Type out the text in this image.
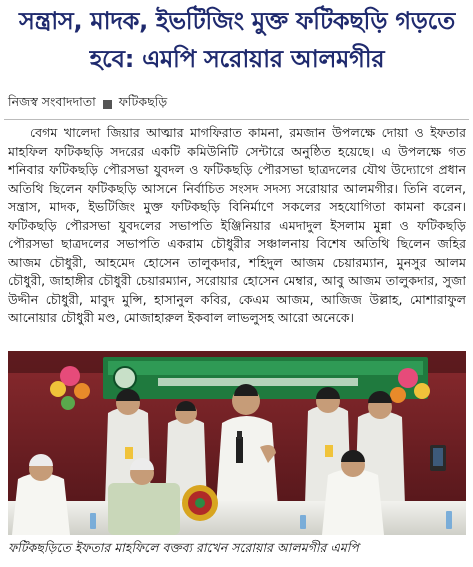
সন্ত্রাস, মাদক, ইভটিজিং মুক্ত ফটিকছড়ি গড়তে হবে: এমপি সরোয়ার আলমগীর
নিজস্ব সংবাদদাতা ফটিকছড়ি

বেগম খালেদা জিয়ার আত্মার মাগফিরাত কামনা, রমজান উপলক্ষে দোয়া ও ইফতার মাহফিল ফটিকছড়ি সদরের একটি কমিউনিটি সেন্টারে অনুষ্ঠিত হয়েছে। এ উপলক্ষে গত শনিবার ফটিকছড়ি পৌরসভা যুবদল ও ফটিকছড়ি পৌরসভা ছাত্রদলের যৌথ উদ্যোগে প্রধান অতিথি ছিলেন ফটিকছড়ি আসনে নির্বাচিত সংসদ সদস্য সরোয়ার আলমগীর। তিনি বলেন, সন্ত্রাস, মাদক, ইভটিজিং মুক্ত ফটিকছড়ি বিনির্মাণে সকলের সহযোগিতা কামনা করেন। ফটিকছড়ি পৌরসভা যুবদলের সভাপতি ইঞ্জিনিয়ার এমদাদুল ইসলাম মুন্না ও ফটিকছড়ি পৌরসভা ছাত্রদলের সভাপতি একরাম চৌধুরীর সঞ্চালনায় বিশেষ অতিথি ছিলেন জহির আজম চৌধুরী, আহমেদ হোসেন তালুকদার, শহিদুল আজম চেয়ারম্যান, মুনসুর আলম চৌধুরী, জাহাঙ্গীর চৌধুরী চেয়ারম্যান, সরোয়ার হোসেন মেম্বার, আবু আজম তালুকদার, সুজা উদ্দীন চৌধুরী, মাবুদ মুন্সি, হাসানুল কবির, কেএম আজম, আজিজ উল্লাহ, মোশারাফুল আনোয়ার চৌধুরী মণ্ড, মোজাহারুল ইকবাল লাভলুসহ আরো অনেকে।

ফটিকছড়িতে ইফতার মাহফিলে বক্তব্য রাখেন সরোয়ার আলমগীর এমপি
